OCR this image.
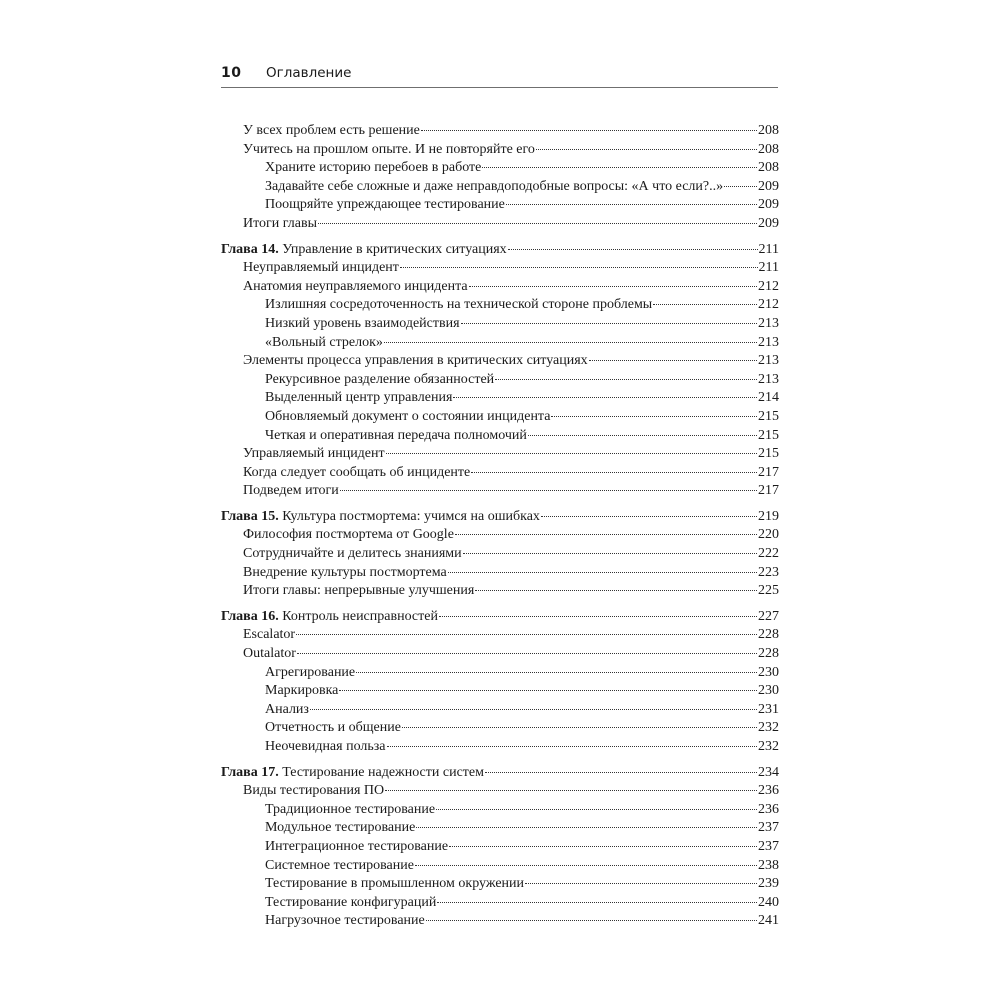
10 Оглавление
У всех проблем есть решение	208
Учитесь на прошлом опыте. И не повторяйте его	208
Храните историю перебоев в работе	208
Задавайте себе сложные и даже неправдоподобные вопросы: «А что если?..» 209
Поощряйте упреждающее тестирование	209
Итоги главы	209
Глава 14. Управление в критических ситуациях	211
Неуправляемый инцидент	211
Анатомия неуправляемого инцидента	212
Излишняя сосредоточенность на технической стороне проблемы	212
Низкий уровень взаимодействия	213
«Вольный стрелок»	213
Элементы процесса управления в критических ситуациях	213
Рекурсивное разделение обязанностей	213
Выделенный центр управления	214
Обновляемый документ о состоянии инцидента	215
Четкая и оперативная передача полномочий	215
Управляемый инцидент	215
Когда следует сообщать об инциденте	217
Подведем итоги	217
Глава 15. Культура постмортема: учимся на ошибках	219
Философия постмортема от Google	220
Сотрудничайте и делитесь знаниями	222
Внедрение культуры постмортема	223
Итоги главы: непрерывные улучшения	225
Глава 16. Контроль неисправностей	227
Escalator	228
Outalator	228
Агрегирование	230
Маркировка	230
Анализ	231
Отчетность и общение	232
Неочевидная польза	232
Глава 17. Тестирование надежности систем	234
Виды тестирования ПО	236
Традиционное тестирование	236
Модульное тестирование	237
Интеграционное тестирование	237
Системное тестирование	238
Тестирование в промышленном окружении	239
Тестирование конфигураций	240
Нагрузочное тестирование	241
